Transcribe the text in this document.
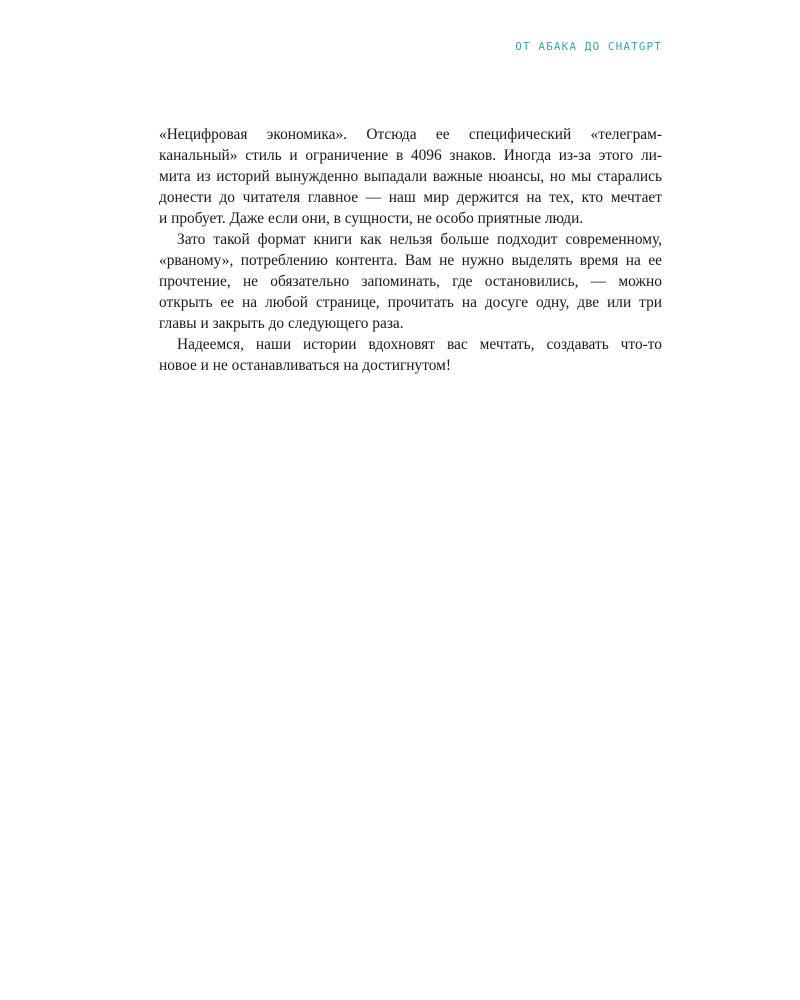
ОТ АБАКА ДО CHATGPT
«Нецифровая экономика». Отсюда ее специфический «телеграм-
канальный» стиль и ограничение в 4096 знаков. Иногда из-за этого ли-
мита из историй вынужденно выпадали важные нюансы, но мы старались
донести до читателя главное — наш мир держится на тех, кто мечтает
и пробует. Даже если они, в сущности, не особо приятные люди.
Зато такой формат книги как нельзя больше подходит современному,
«рваному», потреблению контента. Вам не нужно выделять время на ее
прочтение, не обязательно запоминать, где остановились, — можно
открыть ее на любой странице, прочитать на досуге одну, две или три
главы и закрыть до следующего раза.
Надеемся, наши истории вдохновят вас мечтать, создавать что-то
новое и не останавливаться на достигнутом!
